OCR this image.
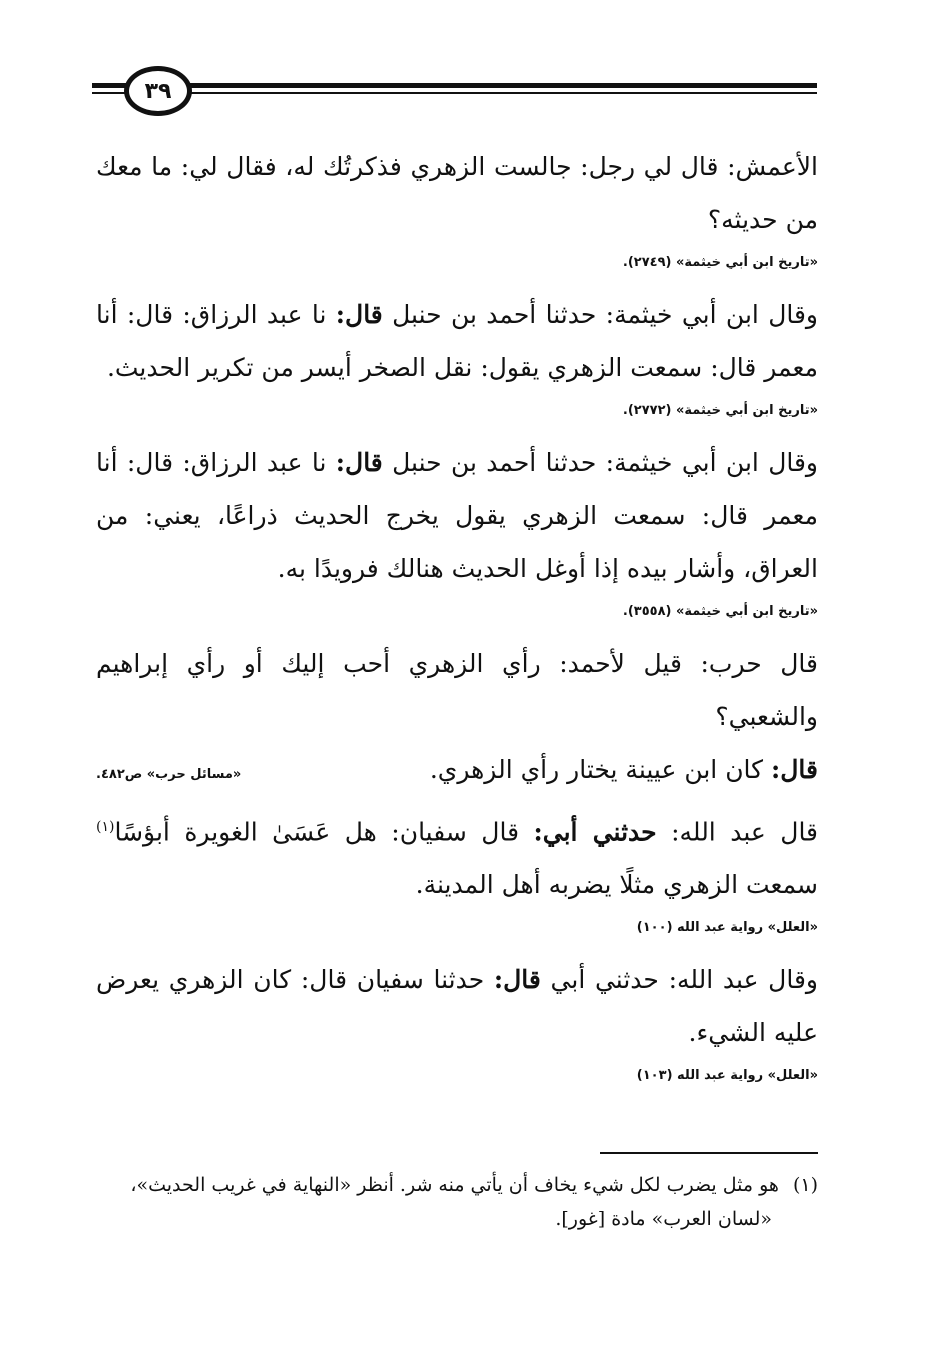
٣٩

الأعمش: قال لي رجل: جالست الزهري فذكرتُك له، فقال لي: ما معك من حديثه؟

«تاريخ ابن أبي خيثمة» (٢٧٤٩).

وقال ابن أبي خيثمة: حدثنا أحمد بن حنبل قال: نا عبد الرزاق: قال: أنا معمر قال: سمعت الزهري يقول: نقل الصخر أيسر من تكرير الحديث.

«تاريخ ابن أبي خيثمة» (٢٧٧٢).

وقال ابن أبي خيثمة: حدثنا أحمد بن حنبل قال: نا عبد الرزاق: قال: أنا معمر قال: سمعت الزهري يقول يخرج الحديث ذراعًا، يعني: من العراق، وأشار بيده إذا أوغل الحديث هنالك فرويدًا به.

«تاريخ ابن أبي خيثمة» (٣٥٥٨).

قال حرب: قيل لأحمد: رأي الزهري أحب إليك أو رأي إبراهيم والشعبي؟

قال: كان ابن عيينة يختار رأي الزهري.
«مسائل حرب» ص٤٨٢.

قال عبد الله: حدثني أبي: قال سفيان: هل عَسَىٰ الغويرة أبؤسًا$^{(١)}$ سمعت الزهري مثلًا يضربه أهل المدينة.

«العلل» رواية عبد الله (١٠٠)

وقال عبد الله: حدثني أبي قال: حدثنا سفيان قال: كان الزهري يعرض عليه الشيء.

«العلل» رواية عبد الله (١٠٣)
(١)هو مثل يضرب لكل شيء يخاف أن يأتي منه شر. أنظر «النهاية في غريب الحديث»،
«لسان العرب» مادة [غور].
